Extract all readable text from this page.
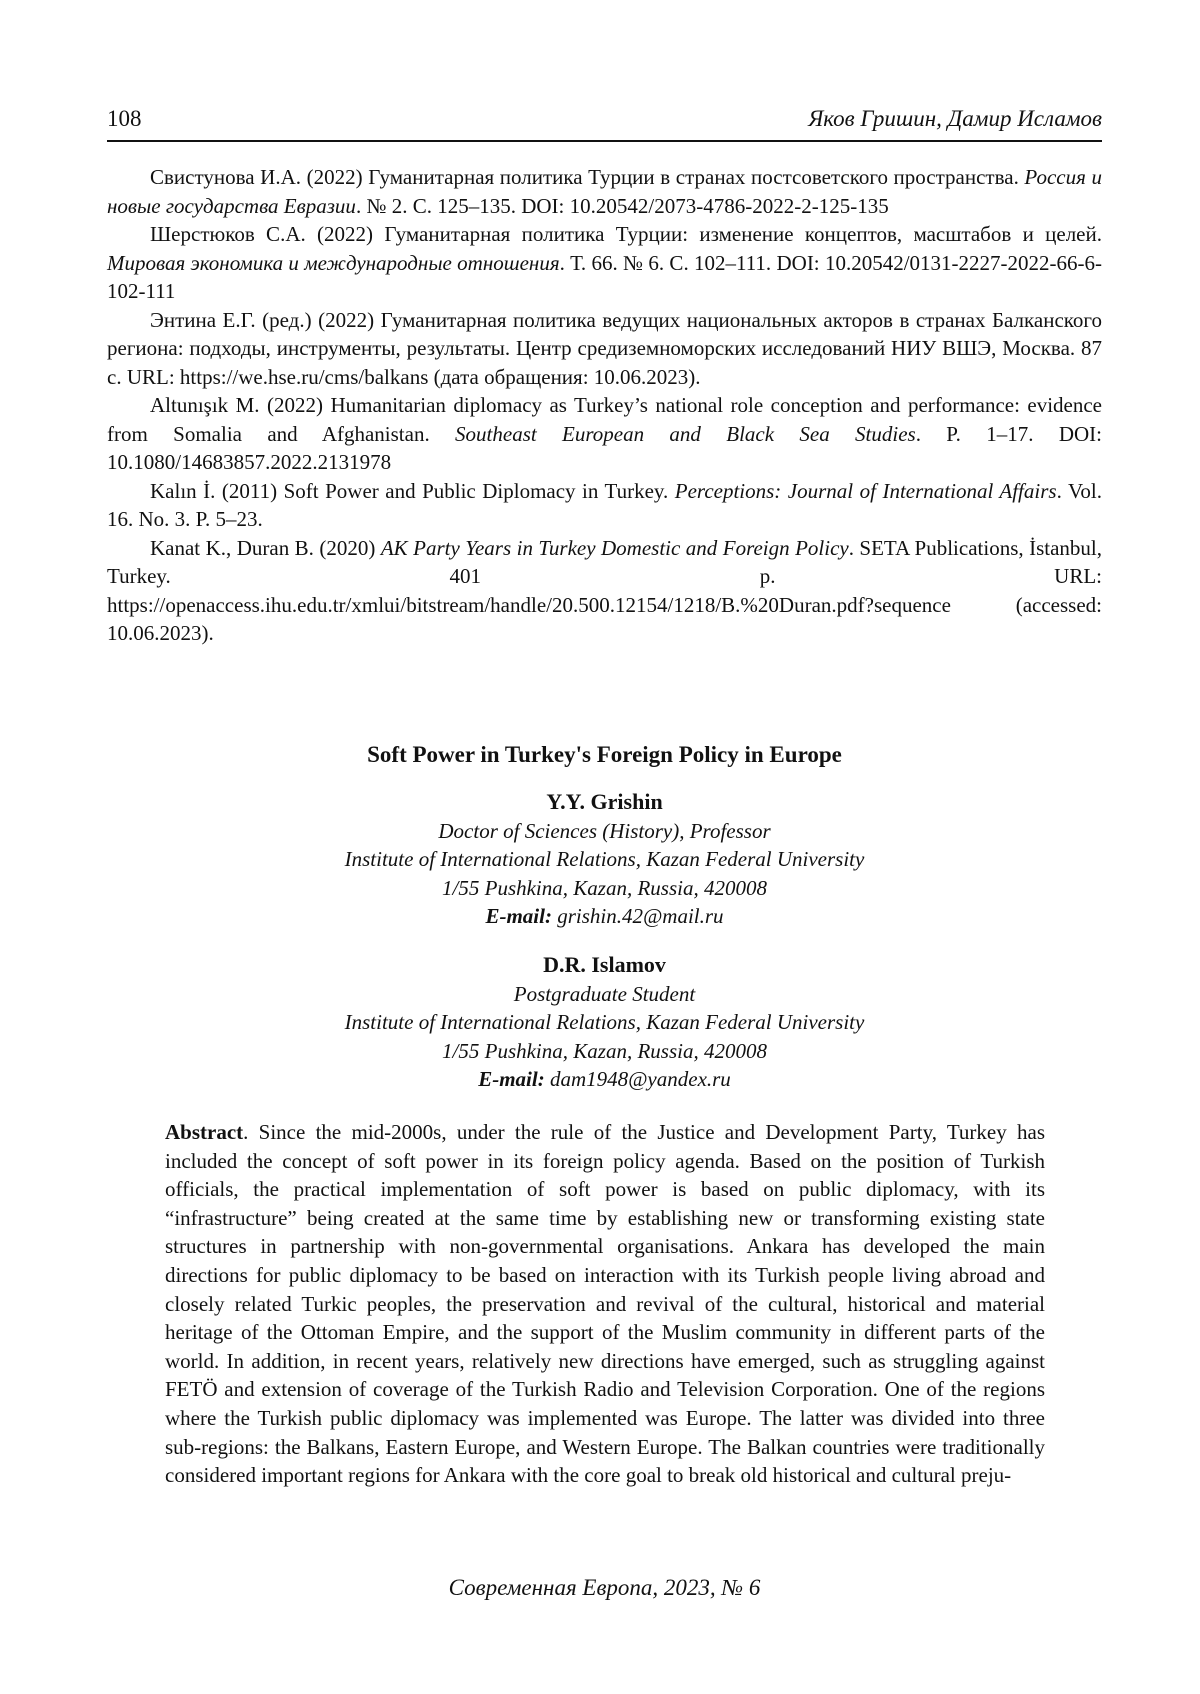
108	Яков Гришин, Дамир Исламов

Свистунова И.А. (2022) Гуманитарная политика Турции в странах постсоветского пространства. Россия и новые государства Евразии. № 2. С. 125–135. DOI: 10.20542/2073-4786-2022-2-125-135

Шерстюков С.А. (2022) Гуманитарная политика Турции: изменение концептов, масштабов и целей. Мировая экономика и международные отношения. Т. 66. № 6. С. 102–111. DOI: 10.20542/0131-2227-2022-66-6-102-111

Энтина Е.Г. (ред.) (2022) Гуманитарная политика ведущих национальных акторов в странах Балканского региона: подходы, инструменты, результаты. Центр средиземноморских исследований НИУ ВШЭ, Москва. 87 с. URL: https://we.hse.ru/cms/balkans (дата обращения: 10.06.2023).

Altunışık M. (2022) Humanitarian diplomacy as Turkey’s national role conception and performance: evidence from Somalia and Afghanistan. Southeast European and Black Sea Studies. P. 1–17. DOI: 10.1080/14683857.2022.2131978

Kalın İ. (2011) Soft Power and Public Diplomacy in Turkey. Perceptions: Journal of International Affairs. Vol. 16. No. 3. P. 5–23.

Kanat K., Duran B. (2020) AK Party Years in Turkey Domestic and Foreign Policy. SETA Publications, İstanbul, Turkey. 401 p. URL:

https://openaccess.ihu.edu.tr/xmlui/bitstream/handle/20.500.12154/1218/B.%20Duran.pdf?sequence (accessed: 10.06.2023).

Soft Power in Turkey's Foreign Policy in Europe
Y.Y. Grishin
Doctor of Sciences (History), Professor
Institute of International Relations, Kazan Federal University
1/55 Pushkina, Kazan, Russia, 420008
E-mail: grishin.42@mail.ru
D.R. Islamov
Postgraduate Student
Institute of International Relations, Kazan Federal University
1/55 Pushkina, Kazan, Russia, 420008
E-mail: dam1948@yandex.ru
Abstract. Since the mid-2000s, under the rule of the Justice and Development Party, Turkey has included the concept of soft power in its foreign policy agenda. Based on the position of Turkish officials, the practical implementation of soft power is based on public diplomacy, with its “infrastructure” being created at the same time by establishing new or transforming existing state structures in partnership with non-governmental organisations. Ankara has developed the main directions for public diplomacy to be based on interaction with its Turkish people living abroad and closely related Turkic peoples, the preservation and revival of the cultural, historical and material heritage of the Ottoman Empire, and the support of the Muslim community in different parts of the world. In addition, in recent years, relatively new directions have emerged, such as struggling against FETÖ and extension of coverage of the Turkish Radio and Television Corporation. One of the regions where the Turkish public diplomacy was implemented was Europe. The latter was divided into three sub-regions: the Balkans, Eastern Europe, and Western Europe. The Balkan countries were traditionally considered important regions for Ankara with the core goal to break old historical and cultural preju-
Современная Европа, 2023, № 6
